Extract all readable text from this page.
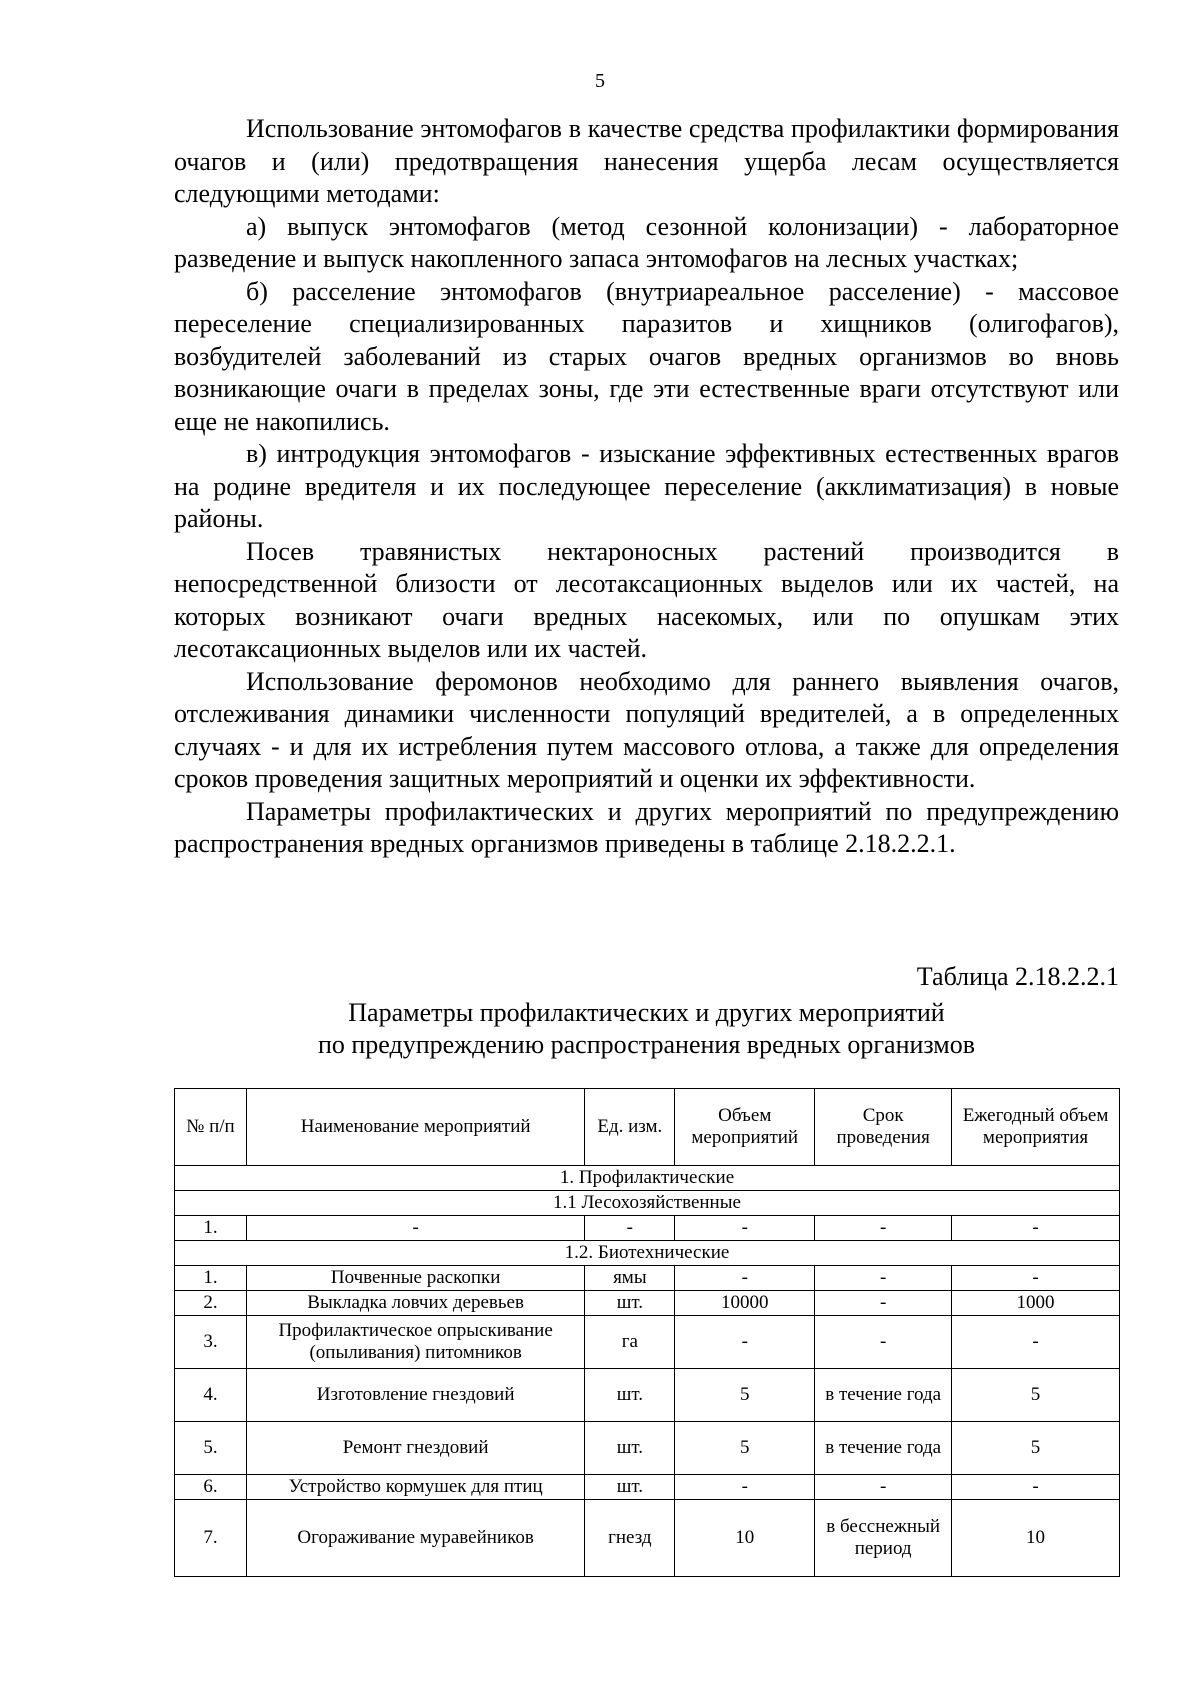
5

Использование энтомофагов в качестве средства профилактики формирования очагов и (или) предотвращения нанесения ущерба лесам осуществляется следующими методами:

а) выпуск энтомофагов (метод сезонной колонизации) - лабораторное разведение и выпуск накопленного запаса энтомофагов на лесных участках;

б) расселение энтомофагов (внутриареальное расселение) - массовое переселение специализированных паразитов и хищников (олигофагов), возбудителей заболеваний из старых очагов вредных организмов во вновь возникающие очаги в пределах зоны, где эти естественные враги отсутствуют или еще не накопились.

в) интродукция энтомофагов - изыскание эффективных естественных врагов на родине вредителя и их последующее переселение (акклиматизация) в новые районы.

Посев травянистых нектароносных растений производится в непосредственной близости от лесотаксационных выделов или их частей, на которых возникают очаги вредных насекомых, или по опушкам этих лесотаксационных выделов или их частей.

Использование феромонов необходимо для раннего выявления очагов, отслеживания динамики численности популяций вредителей, а в определенных случаях - и для их истребления путем массового отлова, а также для определения сроков проведения защитных мероприятий и оценки их эффективности.

Параметры профилактических и других мероприятий по предупреждению распространения вредных организмов приведены в таблице 2.18.2.2.1.

Таблица 2.18.2.2.1
Параметры профилактических и других мероприятий
по предупреждению распространения вредных организмов
№ п/п	Наименование мероприятий	Ед. изм.	Объем мероприятий	Срок проведения	Ежегодный объем мероприятия
1. Профилактические					
1.1 Лесохозяйственные					
1.	-	-	-	-	-
1.2. Биотехнические					
1.	Почвенные раскопки	ямы	-	-	-
2.	Выкладка ловчих деревьев	шт.	10000	-	1000
3.	Профилактическое опрыскивание (опыливания) питомников	га	-	-	-
4.	Изготовление гнездовий	шт.	5	в течение года	5
5.	Ремонт гнездовий	шт.	5	в течение года	5
6.	Устройство кормушек для птиц	шт.	-	-	-
7.	Огораживание муравейников	гнезд	10	в бесснежный период	10
